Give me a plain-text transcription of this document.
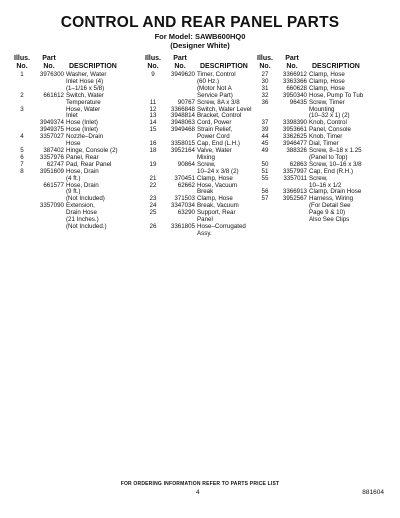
CONTROL AND REAR PANEL PARTS
For Model: SAWB600HQ0
(Designer White)
Illus.
No.
Part
No.	DESCRIPTION
1	3976300 Washer, Water
Inlet Hose (4)
(1–1/16 x 5/8)
2	661612 Switch, Water
Temperature
3	Hose, Water
Inlet
3949374 Hose (Inlet)
3949375 Hose (Inlet)
4	3357027 Nozzle–Drain
Hose
5	387402 Hinge, Console (2)
6	3357976 Panel, Rear
7	62747 Pad, Rear Panel
8	3951609 Hose, Drain
(4 ft.)
661577 Hose, Drain
(9 ft.)
(Not Included)
3357090 Extension,
Drain Hose
(21 Inches.)
(Not Included.)
Illus.
No.
Part
No.	DESCRIPTION
9	3949620 Timer, Control
(60 Hz.)
(Motor Not A
Service Part)
11	90767 Screw, 8A x 3/8
12	3366848 Switch, Water Level
13	3948814 Bracket, Control
14	3948063 Cord, Power
15	3949468 Strain Relief,
Power Cord
16	3358015 Cap, End (L.H.)
18	3952164 Valve, Water
Mixing
19	90864 Screw,
10–24 x 3/8 (2)
21	370451 Clamp, Hose
22	62662 Hose, Vacuum
Break
23	371503 Clamp, Hose
24	3347034 Break, Vacuum
25	63290 Support, Rear
Panel
26	3361805 Hose–Corrugated
Assy.
Illus.
No.
Part
No.	DESCRIPTION
27	3366912 Clamp, Hose
30	3363366 Clamp, Hose
31	660628 Clamp, Hose
32	3950340 Hose, Pump To Tub
36	96435 Screw, Timer
Mounting
(10–32 x 1) (2)
37	3398390 Knob, Control
39	3953661 Panel, Console
44	3362625 Knob, Timer
45	3946477 Dial, Timer
49	388326 Screw, 8–18 x 1.25
(Panel to Top)
50	62863 Screw, 10–16 x 3/8
51	3357997 Cap, End (R.H.)
55	3357011 Screw,
10–16 x 1/2
56	3366913 Clamp, Drain Hose
57	3952567 Harness, Wiring
(For Detail See
Page 9 & 10)
Also See Clips
FOR ORDERING INFORMATION REFER TO PARTS PRICE LIST
4	881604
